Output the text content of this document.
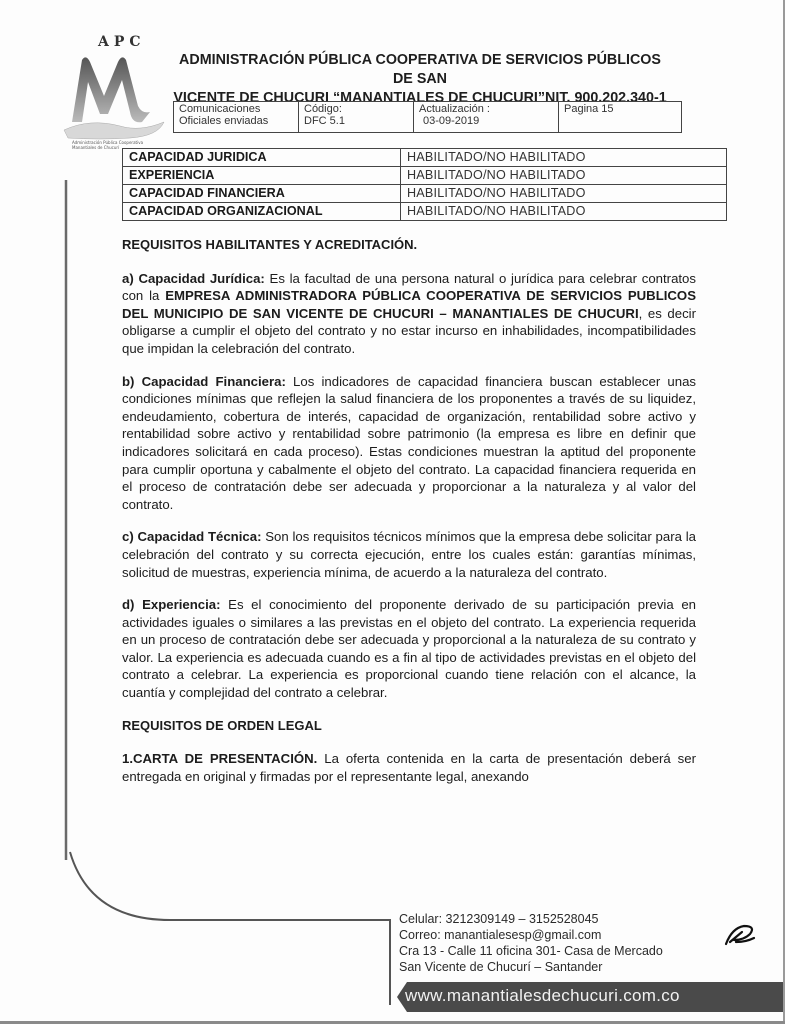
APC
Administración Pública Cooperativa Manantiales de Chucurí
ADMINISTRACIÓN PÚBLICA COOPERATIVA DE SERVICIOS PÚBLICOS DE SAN
VICENTE DE CHUCURI “MANANTIALES DE CHUCURI”NIT. 900.202.340-1
Comunicaciones
Oficiales enviadas

Código:
DFC 5.1

Actualización :
03-09-2019

Pagina 15
CAPACIDAD JURIDICA	HABILITADO/NO HABILITADO
EXPERIENCIA	HABILITADO/NO HABILITADO
CAPACIDAD FINANCIERA	HABILITADO/NO HABILITADO
CAPACIDAD ORGANIZACIONAL	HABILITADO/NO HABILITADO
REQUISITOS HABILITANTES Y ACREDITACIÓN.

a) Capacidad Jurídica: Es la facultad de una persona natural o jurídica para celebrar contratos con la EMPRESA ADMINISTRADORA PÚBLICA COOPERATIVA DE SERVICIOS PUBLICOS DEL MUNICIPIO DE SAN VICENTE DE CHUCURI – MANANTIALES DE CHUCURI, es decir obligarse a cumplir el objeto del contrato y no estar incurso en inhabilidades, incompatibilidades que impidan la celebración del contrato.

b) Capacidad Financiera: Los indicadores de capacidad financiera buscan establecer unas condiciones mínimas que reflejen la salud financiera de los proponentes a través de su liquidez, endeudamiento, cobertura de interés, capacidad de organización, rentabilidad sobre activo y rentabilidad sobre activo y rentabilidad sobre patrimonio (la empresa es libre en definir que indicadores solicitará en cada proceso). Estas condiciones muestran la aptitud del proponente para cumplir oportuna y cabalmente el objeto del contrato. La capacidad financiera requerida en el proceso de contratación debe ser adecuada y proporcionar a la naturaleza y al valor del contrato.

c) Capacidad Técnica: Son los requisitos técnicos mínimos que la empresa debe solicitar para la celebración del contrato y su correcta ejecución, entre los cuales están: garantías mínimas, solicitud de muestras, experiencia mínima, de acuerdo a la naturaleza del contrato.

d) Experiencia: Es el conocimiento del proponente derivado de su participación previa en actividades iguales o similares a las previstas en el objeto del contrato. La experiencia requerida en un proceso de contratación debe ser adecuada y proporcional a la naturaleza de su contrato y valor. La experiencia es adecuada cuando es a fin al tipo de actividades previstas en el objeto del contrato a celebrar. La experiencia es proporcional cuando tiene relación con el alcance, la cuantía y complejidad del contrato a celebrar.

REQUISITOS DE ORDEN LEGAL

1.CARTA DE PRESENTACIÓN. La oferta contenida en la carta de presentación deberá ser entregada en original y firmadas por el representante legal, anexando

Celular: 3212309149 – 3152528045
Correo: manantialesesp@gmail.com
Cra 13 - Calle 11 oficina 301- Casa de Mercado
San Vicente de Chucurí – Santander
www.manantialesdechucuri.com.co
